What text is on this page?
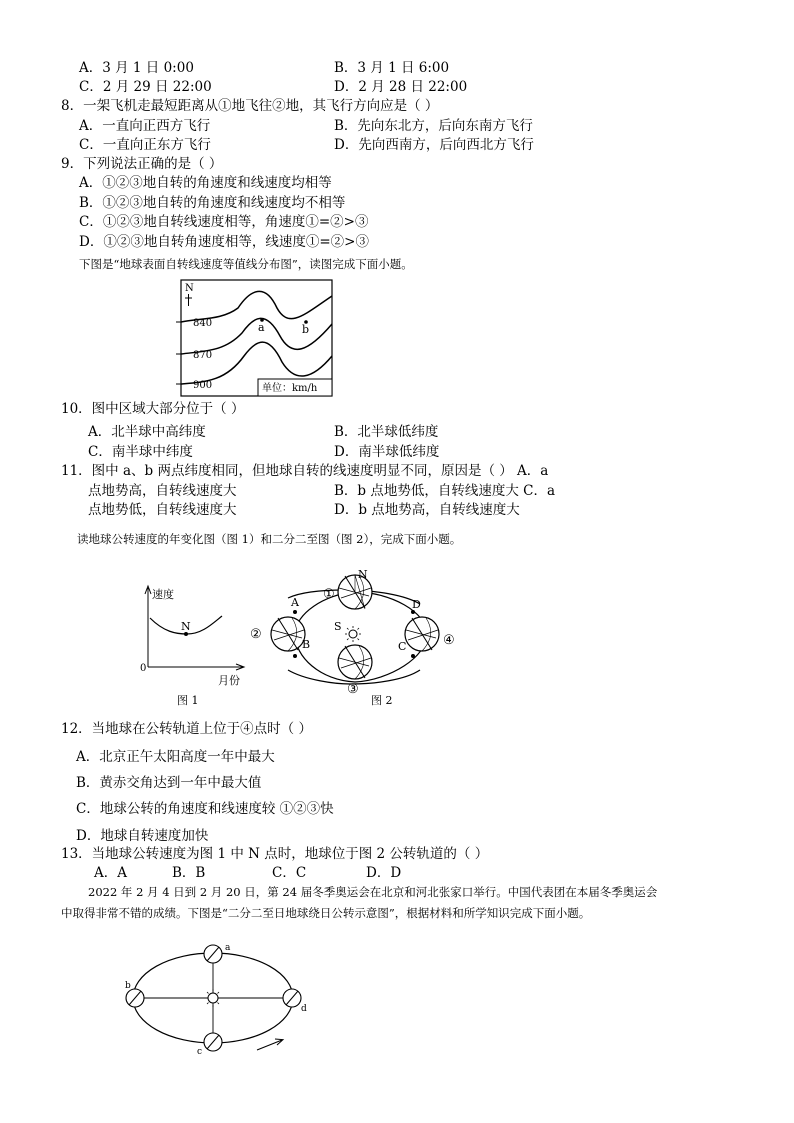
A．3 月 1 日 0:00	B．3 月 1 日 6:00
C．2 月 29 日 22:00	D．2 月 28 日 22:00
8．一架飞机走最短距离从①地飞往②地，其飞行方向应是（ ）
A．一直向正西方飞行	B．先向东北方，后向东南方飞行
C．一直向正东方飞行	D．先向西南方，后向西北方飞行
9．下列说法正确的是（ ）
A．①②③地自转的角速度和线速度均相等
B．①②③地自转的角速度和线速度均不相等
C．①②③地自转线速度相等，角速度①=②>③
D．①②③地自转角速度相等，线速度①=②>③
下图是“地球表面自转线速度等值线分布图”，读图完成下面小题。
N
840
870
900
a	b
单位：km/h
10．图中区域大部分位于（ ）
A．北半球中高纬度	B．北半球低纬度
C．南半球中纬度	D．南半球低纬度
11．图中 a、b 两点纬度相同，但地球自转的线速度明显不同，原因是（ ） A．a
点地势高，自转线速度大	B．b 点地势低，自转线速度大 C．a
点地势低，自转线速度大	D．b 点地势高，自转线速度大
读地球公转速度的年变化图（图 1）和二分二至图（图 2），完成下面小题。
速度
月份
0
N
图 1
N
①
②
③
④
A
B	C
D
S
图 2
12．当地球在公转轨道上位于④点时（ ）
A．北京正午太阳高度一年中最大
B．黄赤交角达到一年中最大值
C．地球公转的角速度和线速度较 ①②③快
D．地球自转速度加快
13．当地球公转速度为图 1 中 N 点时，地球位于图 2 公转轨道的（ ）
A．A	B．B	C．C	D．D
2022 年 2 月 4 日到 2 月 20 日，第 24 届冬季奥运会在北京和河北张家口举行。中国代表团在本届冬季奥运会
中取得非常不错的成绩。下图是“二分二至日地球绕日公转示意图”，根据材料和所学知识完成下面小题。
a
b
c
d
